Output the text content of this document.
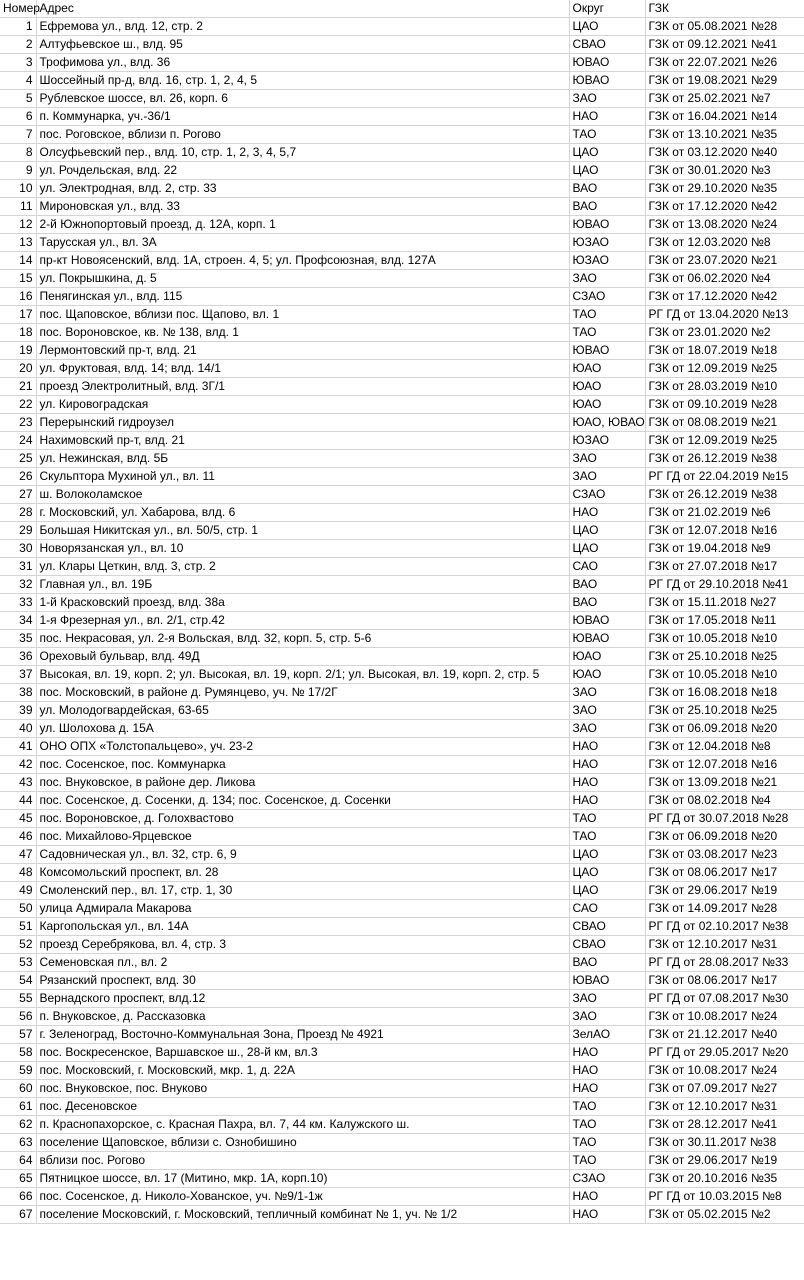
Номер	Адрес	Округ	ГЗК
1	Ефремова ул., влд. 12, стр. 2	ЦАО	ГЗК от 05.08.2021 №28
2	Алтуфьевское ш., влд. 95	СВАО	ГЗК от 09.12.2021 №41
3	Трофимова ул., влд. 36	ЮВАО	ГЗК от 22.07.2021 №26
4	Шоссейный пр-д, влд. 16, стр. 1, 2, 4, 5	ЮВАО	ГЗК от 19.08.2021 №29
5	Рублевское шоссе, вл. 26, корп. 6	ЗАО	ГЗК от 25.02.2021 №7
6	п. Коммунарка, уч.-36/1	НАО	ГЗК от 16.04.2021 №14
7	пос. Роговское, вблизи п. Рогово	ТАО	ГЗК от 13.10.2021 №35
8	Олсуфьевский пер., влд. 10, стр. 1, 2, 3, 4, 5,7	ЦАО	ГЗК от 03.12.2020 №40
9	ул. Рочдельская, влд. 22	ЦАО	ГЗК от 30.01.2020 №3
10	ул. Электродная, влд. 2, стр. 33	ВАО	ГЗК от 29.10.2020 №35
11	Мироновская ул., влд. 33	ВАО	ГЗК от 17.12.2020 №42
12	2-й Южнопортовый проезд, д. 12А, корп. 1	ЮВАО	ГЗК от 13.08.2020 №24
13	Тарусская ул., вл. 3А	ЮЗАО	ГЗК от 12.03.2020 №8
14	пр-кт Новоясенский, влд. 1А, строен. 4, 5; ул. Профсоюзная, влд. 127А	ЮЗАО	ГЗК от 23.07.2020 №21
15	ул. Покрышкина, д. 5	ЗАО	ГЗК от 06.02.2020 №4
16	Пенягинская ул., влд. 115	СЗАО	ГЗК от 17.12.2020 №42
17	пос. Щаповское, вблизи пос. Щапово, вл. 1	ТАО	РГ ГД от 13.04.2020 №13
18	пос. Вороновское, кв. № 138, влд. 1	ТАО	ГЗК от 23.01.2020 №2
19	Лермонтовский пр-т, влд. 21	ЮВАО	ГЗК от 18.07.2019 №18
20	ул. Фруктовая, влд. 14; влд. 14/1	ЮАО	ГЗК от 12.09.2019 №25
21	проезд Электролитный, влд. 3Г/1	ЮАО	ГЗК от 28.03.2019 №10
22	ул. Кировоградская	ЮАО	ГЗК от 09.10.2019 №28
23	Перерынский гидроузел	ЮАО, ЮВАО	ГЗК от 08.08.2019 №21
24	Нахимовский пр-т, влд. 21	ЮЗАО	ГЗК от 12.09.2019 №25
25	ул. Нежинская, влд. 5Б	ЗАО	ГЗК от 26.12.2019 №38
26	Скульптора Мухиной ул., вл. 11	ЗАО	РГ ГД от 22.04.2019 №15
27	ш. Волоколамское	СЗАО	ГЗК от 26.12.2019 №38
28	г. Московский, ул. Хабарова, влд. 6	НАО	ГЗК от 21.02.2019 №6
29	Большая Никитская ул., вл. 50/5, стр. 1	ЦАО	ГЗК от 12.07.2018 №16
30	Новорязанская ул., вл. 10	ЦАО	ГЗК от 19.04.2018 №9
31	ул. Клары Цеткин, влд. 3, стр. 2	САО	ГЗК от 27.07.2018 №17
32	Главная ул., вл. 19Б	ВАО	РГ ГД от 29.10.2018 №41
33	1-й Красковский проезд, влд. 38а	ВАО	ГЗК от 15.11.2018 №27
34	1-я Фрезерная ул., вл. 2/1, стр.42	ЮВАО	ГЗК от 17.05.2018 №11
35	пос. Некрасовая, ул. 2-я Вольская, влд. 32, корп. 5, стр. 5-6	ЮВАО	ГЗК от 10.05.2018 №10
36	Ореховый бульвар, влд. 49Д	ЮАО	ГЗК от 25.10.2018 №25
37	Высокая, вл. 19, корп. 2; ул. Высокая, вл. 19, корп. 2/1; ул. Высокая, вл. 19, корп. 2, стр. 5	ЮАО	ГЗК от 10.05.2018 №10
38	пос. Московский, в районе д. Румянцево, уч. № 17/2Г	ЗАО	ГЗК от 16.08.2018 №18
39	ул. Молодогвардейская, 63-65	ЗАО	ГЗК от 25.10.2018 №25
40	ул. Шолохова д. 15А	ЗАО	ГЗК от 06.09.2018 №20
41	ОНО ОПХ «Толстопальцево», уч. 23-2	НАО	ГЗК от 12.04.2018 №8
42	пос. Сосенское, пос. Коммунарка	НАО	ГЗК от 12.07.2018 №16
43	пос. Внуковское, в районе дер. Ликова	НАО	ГЗК от 13.09.2018 №21
44	пос. Сосенское, д. Сосенки, д. 134; пос. Сосенское, д. Сосенки	НАО	ГЗК от 08.02.2018 №4
45	пос. Вороновское, д. Голохвастово	ТАО	РГ ГД от 30.07.2018 №28
46	пос. Михайлово-Ярцевское	ТАО	ГЗК от 06.09.2018 №20
47	Садовническая ул., вл. 32, стр. 6, 9	ЦАО	ГЗК от 03.08.2017 №23
48	Комсомольский проспект, вл. 28	ЦАО	ГЗК от 08.06.2017 №17
49	Смоленский пер., вл. 17, стр. 1, 30	ЦАО	ГЗК от 29.06.2017 №19
50	улица Адмирала Макарова	САО	ГЗК от 14.09.2017 №28
51	Каргопольская ул., вл. 14А	СВАО	РГ ГД от 02.10.2017 №38
52	проезд Серебрякова, вл. 4, стр. 3	СВАО	ГЗК от 12.10.2017 №31
53	Семеновская пл., вл. 2	ВАО	РГ ГД от 28.08.2017 №33
54	Рязанский проспект, влд. 30	ЮВАО	ГЗК от 08.06.2017 №17
55	Вернадского проспект, влд.12	ЗАО	РГ ГД от 07.08.2017 №30
56	п. Внуковское, д. Рассказовка	ЗАО	ГЗК от 10.08.2017 №24
57	г. Зеленоград, Восточно-Коммунальная Зона, Проезд № 4921	ЗелАО	ГЗК от 21.12.2017 №40
58	пос. Воскресенское, Варшавское ш., 28-й км, вл.3	НАО	РГ ГД от 29.05.2017 №20
59	пос. Московский, г. Московский, мкр. 1, д. 22А	НАО	ГЗК от 10.08.2017 №24
60	пос. Внуковское, пос. Внуково	НАО	ГЗК от 07.09.2017 №27
61	пос. Десеновское	ТАО	ГЗК от 12.10.2017 №31
62	п. Краснопахорское, с. Красная Пахра, вл. 7, 44 км. Калужского ш.	ТАО	ГЗК от 28.12.2017 №41
63	поселение Щаповское, вблизи с. Ознобишино	ТАО	ГЗК от 30.11.2017 №38
64	вблизи пос. Рогово	ТАО	ГЗК от 29.06.2017 №19
65	Пятницкое шоссе, вл. 17 (Митино, мкр. 1А, корп.10)	СЗАО	ГЗК от 20.10.2016 №35
66	пос. Сосенское, д. Николо-Хованское, уч. №9/1-1ж	НАО	РГ ГД от 10.03.2015 №8
67	поселение Московский, г. Московский, тепличный комбинат № 1, уч. № 1/2	НАО	ГЗК от 05.02.2015 №2
